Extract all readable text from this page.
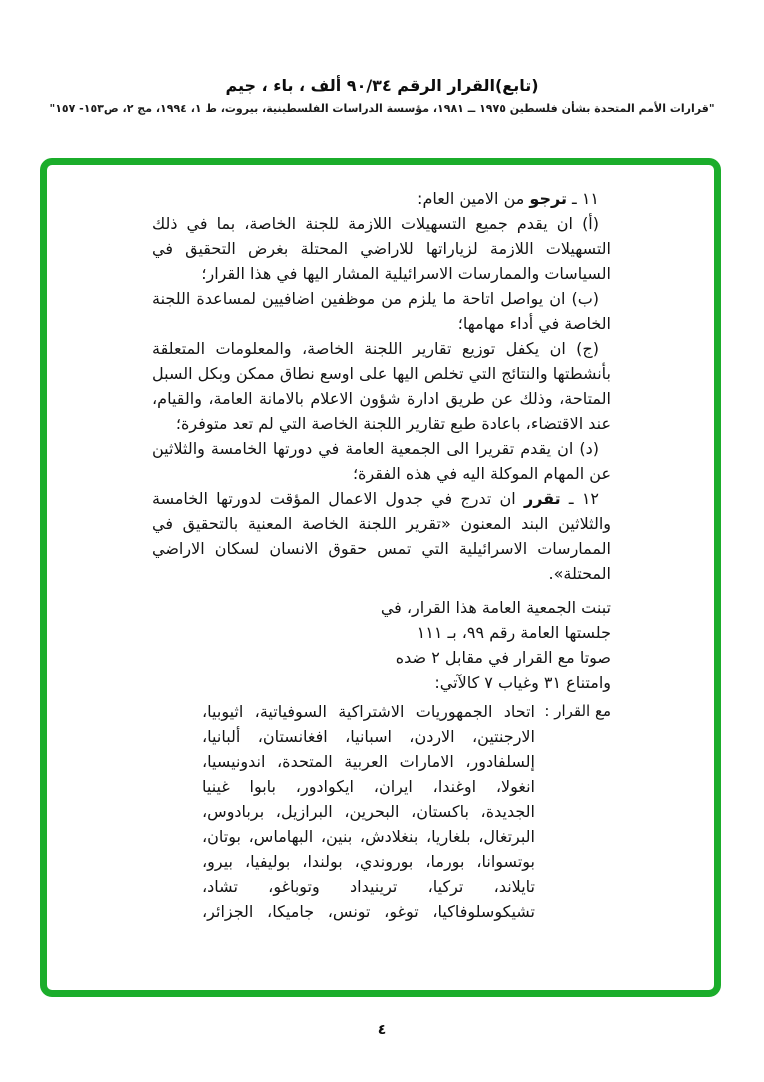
(تابع)القرار الرقم ٩٠/٣٤ ألف ، باء ، جيم
"قرارات الأمم المتحدة بشأن فلسطين ١٩٧٥ ــ ١٩٨١، مؤسسة الدراسات الفلسطينية، بيروت، ط ١، ١٩٩٤، مج ٢، ص١٥٣- ١٥٧"
١١ ـ ترجو من الامين العام:
(أ) ان يقدم جميع التسهيلات اللازمة للجنة الخاصة، بما في ذلك التسهيلات اللازمة لزياراتها للاراضي المحتلة بغرض التحقيق في السياسات والممارسات الاسرائيلية المشار اليها في هذا القرار؛
(ب) ان يواصل اتاحة ما يلزم من موظفين اضافيين لمساعدة اللجنة الخاصة في أداء مهامها؛
(ج) ان يكفل توزيع تقارير اللجنة الخاصة، والمعلومات المتعلقة بأنشطتها والنتائج التي تخلص اليها على اوسع نطاق ممكن وبكل السبل المتاحة، وذلك عن طريق ادارة شؤون الاعلام بالامانة العامة، والقيام، عند الاقتضاء، باعادة طبع تقارير اللجنة الخاصة التي لم تعد متوفرة؛
(د) ان يقدم تقريرا الى الجمعية العامة في دورتها الخامسة والثلاثين عن المهام الموكلة اليه في هذه الفقرة؛
١٢ ـ تقرر ان تدرج في جدول الاعمال المؤقت لدورتها الخامسة والثلاثين البند المعنون «تقرير اللجنة الخاصة المعنية بالتحقيق في الممارسات الاسرائيلية التي تمس حقوق الانسان لسكان الاراضي المحتلة».
تبنت الجمعية العامة هذا القرار، في
جلستها العامة رقم ٩٩، بـ ١١١
صوتا مع القرار في مقابل ٢ ضده
وامتناع ٣١ وغياب ٧ كالآتي:
مع القرار :
اتحاد الجمهوريات الاشتراكية السوفياتية، اثيوبيا،
الارجنتين، الاردن، اسبانيا، افغانستان، ألبانيا،
إلسلفادور، الامارات العربية المتحدة، اندونيسيا،
انغولا، اوغندا، ايران، ايكوادور، بابوا غينيا
الجديدة، باكستان، البحرين، البرازيل، بربادوس،
البرتغال، بلغاريا، بنغلادش، بنين، البهاماس، بوتان،
بوتسوانا، بورما، بوروندي، بولندا، بوليفيا، بيرو،
تايلاند، تركيا، ترينيداد وتوباغو، تشاد،
تشيكوسلوفاكيا، توغو، تونس، جاميكا، الجزائر،
٤
